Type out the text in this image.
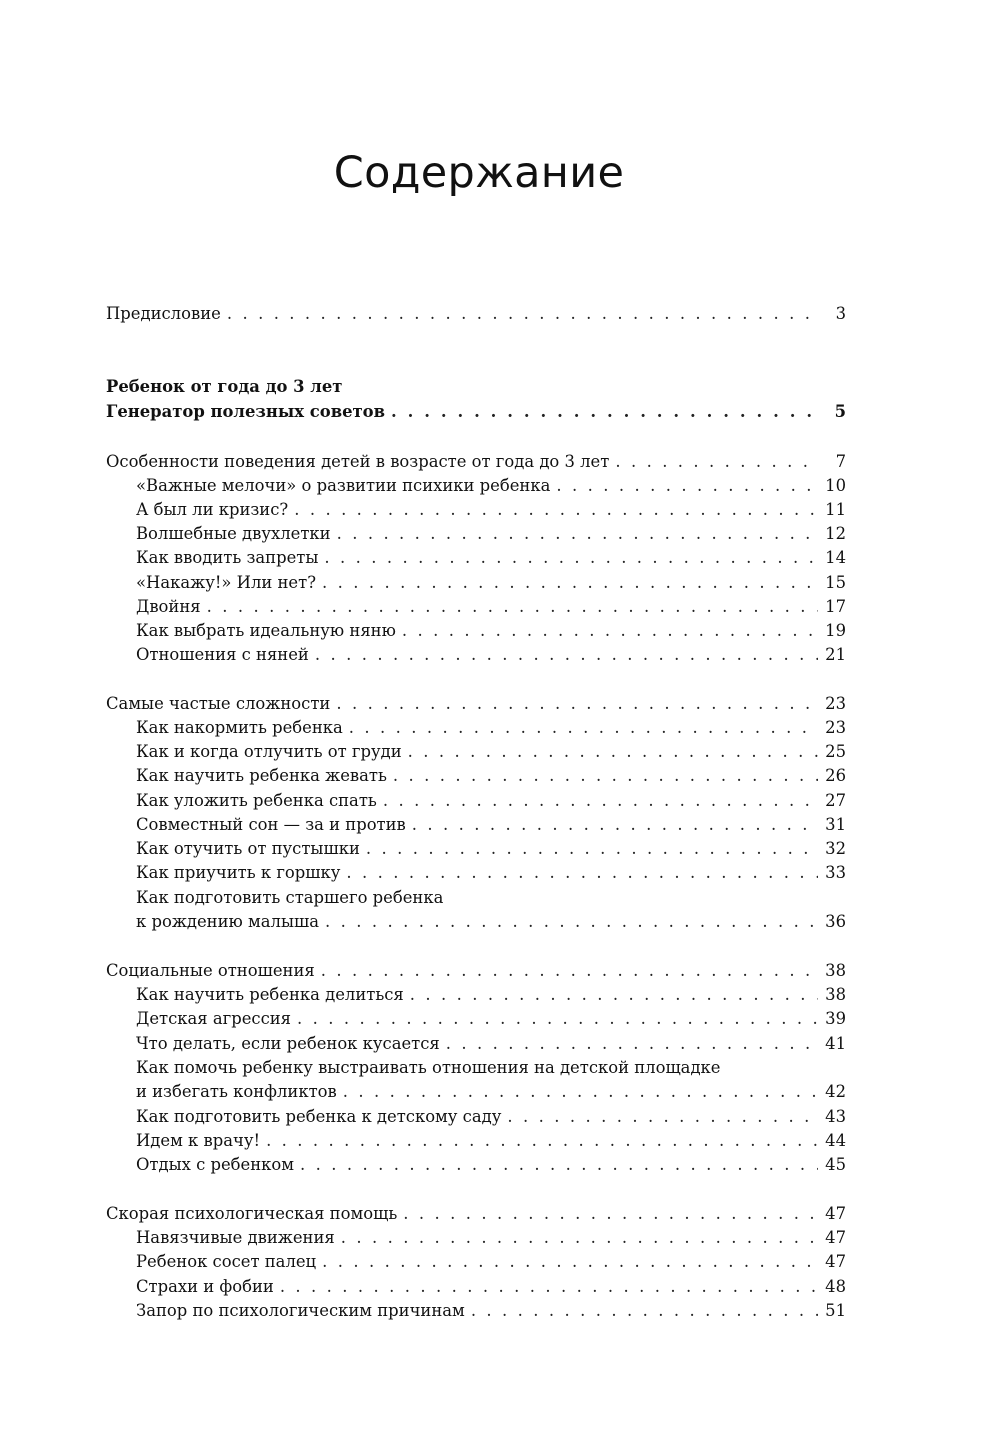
Содержание
Предисловие . . .	3
Ребенок от года до 3 лет
Генератор полезных советов . . .	5
Особенности поведения детей в возрасте от года до 3 лет . . .	7
«Важные мелочи» о развитии психики ребенка . . .	10
А был ли кризис? . . .	11
Волшебные двухлетки . . .	12
Как вводить запреты . . .	14
«Накажу!» Или нет? . . .	15
Двойня . . .	17
Как выбрать идеальную няню . . .	19
Отношения с няней . . .	21
Самые частые сложности . . .	23
Как накормить ребенка . . .	23
Как и когда отлучить от груди . . .	25
Как научить ребенка жевать . . .	26
Как уложить ребенка спать . . .	27
Совместный сон — за и против . . .	31
Как отучить от пустышки . . .	32
Как приучить к горшку . . .	33
Как подготовить старшего ребенка
к рождению малыша . . .	36
Социальные отношения . . .	38
Как научить ребенка делиться . . .	38
Детская агрессия . . .	39
Что делать, если ребенок кусается . . .	41
Как помочь ребенку выстраивать отношения на детской площадке
и избегать конфликтов . . .	42
Как подготовить ребенка к детскому саду . . .	43
Идем к врачу! . . .	44
Отдых с ребенком . . .	45
Скорая психологическая помощь . . .	47
Навязчивые движения . . .	47
Ребенок сосет палец . . .	47
Страхи и фобии . . .	48
Запор по психологическим причинам . . .	51
